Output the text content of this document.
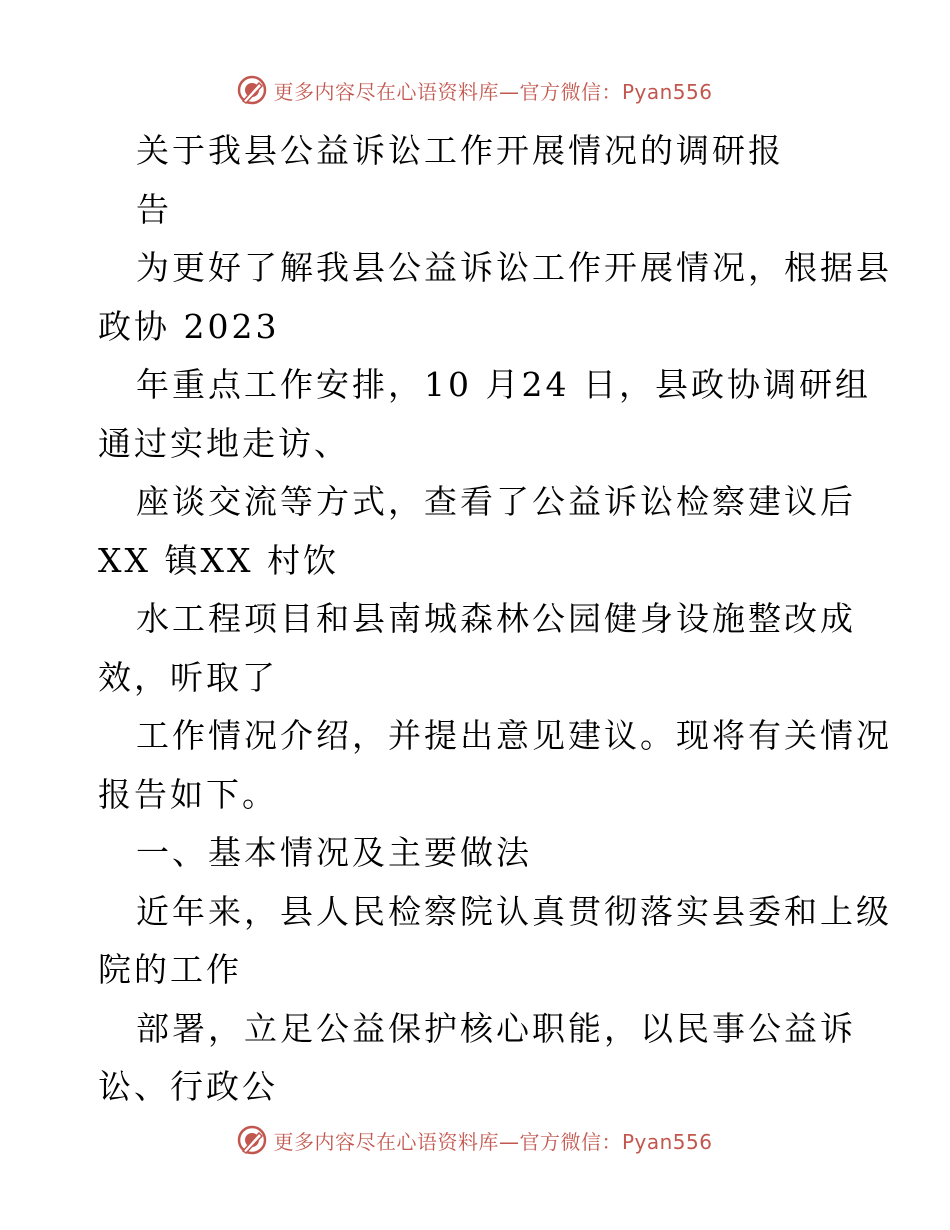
更多内容尽在心语资料库—官方微信：Pyan556
关于我县公益诉讼工作开展情况的调研报
告
为更好了解我县公益诉讼工作开展情况，根据县
政协 2023
年重点工作安排，10 月24 日，县政协调研组
通过实地走访、
座谈交流等方式，查看了公益诉讼检察建议后
XX 镇XX 村饮
水工程项目和县南城森林公园健身设施整改成
效，听取了
工作情况介绍，并提出意见建议。现将有关情况
报告如下。
一、基本情况及主要做法
近年来，县人民检察院认真贯彻落实县委和上级
院的工作
部署，立足公益保护核心职能，以民事公益诉
讼、行政公
更多内容尽在心语资料库—官方微信：Pyan556
